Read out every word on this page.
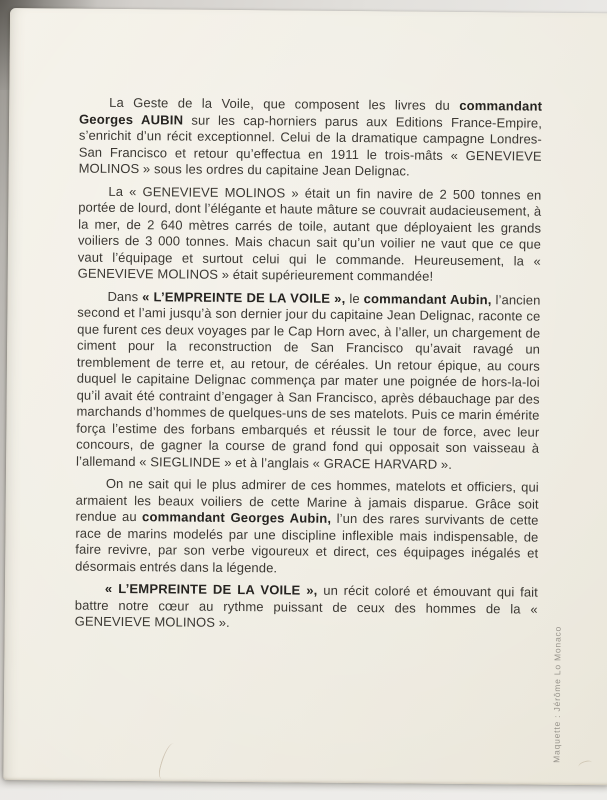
La Geste de la Voile, que composent les livres du commandant Georges AUBIN sur les cap-horniers parus aux Editions France-Empire, s’enrichit d’un récit exceptionnel. Celui de la dramatique campagne Londres-San Francisco et retour qu’effectua en 1911 le trois-mâts « GENEVIEVE MOLINOS » sous les ordres du capitaine Jean Delignac.

La « GENEVIEVE MOLINOS » était un fin navire de 2 500 tonnes en portée de lourd, dont l’élégante et haute mâture se couvrait audacieusement, à la mer, de 2 640 mètres carrés de toile, autant que déployaient les grands voiliers de 3 000 tonnes. Mais chacun sait qu’un voilier ne vaut que ce que vaut l’équipage et surtout celui qui le commande. Heureusement, la « GENEVIEVE MOLINOS » était supérieurement commandée!

Dans « L’EMPREINTE DE LA VOILE », le commandant Aubin, l’ancien second et l’ami jusqu’à son dernier jour du capitaine Jean Delignac, raconte ce que furent ces deux voyages par le Cap Horn avec, à l’aller, un chargement de ciment pour la reconstruction de San Francisco qu’avait ravagé un tremblement de terre et, au retour, de céréales. Un retour épique, au cours duquel le capitaine Delignac commença par mater une poignée de hors-la-loi qu’il avait été contraint d’engager à San Francisco, après débauchage par des marchands d’hommes de quelques-uns de ses matelots. Puis ce marin émérite força l’estime des forbans embarqués et réussit le tour de force, avec leur concours, de gagner la course de grand fond qui opposait son vaisseau à l’allemand « SIEGLINDE » et à l’anglais « GRACE HARVARD ».

On ne sait qui le plus admirer de ces hommes, matelots et officiers, qui armaient les beaux voiliers de cette Marine à jamais disparue. Grâce soit rendue au commandant Georges Aubin, l’un des rares survivants de cette race de marins modelés par une discipline inflexible mais indispensable, de faire revivre, par son verbe vigoureux et direct, ces équipages inégalés et désormais entrés dans la légende.

« L’EMPREINTE DE LA VOILE », un récit coloré et émouvant qui fait battre notre cœur au rythme puissant de ceux des hommes de la « GENEVIEVE MOLINOS ».

Maquette : Jérôme Lo Monaco
